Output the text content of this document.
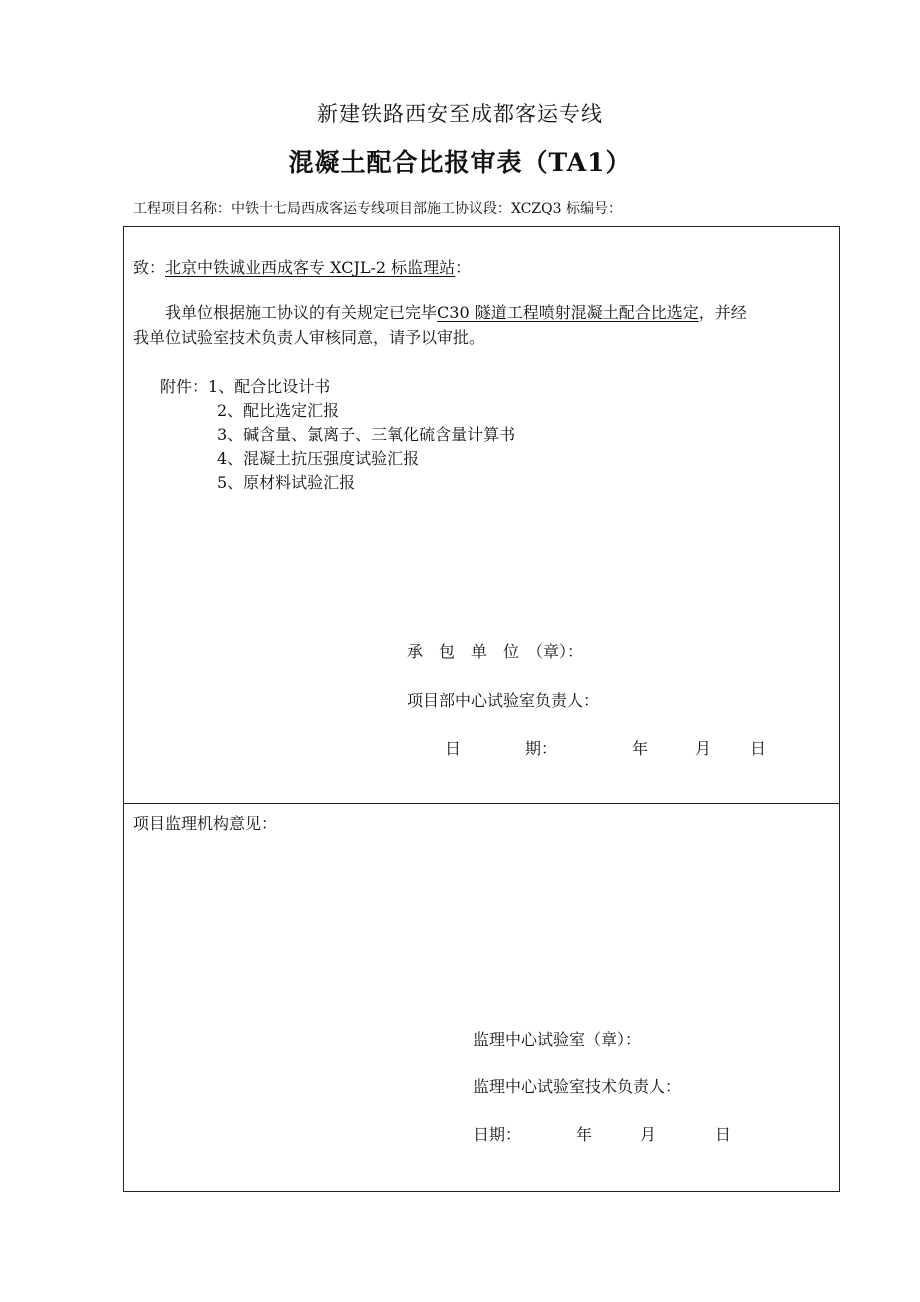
新建铁路西安至成都客运专线
混凝土配合比报审表（TA1）
工程项目名称：中铁十七局西成客运专线项目部施工协议段：XCZQ3 标编号：
致：北京中铁诚业西成客专 XCJL-2 标监理站：
我单位根据施工协议的有关规定已完毕C30 隧道工程喷射混凝土配合比选定，并经
我单位试验室技术负责人审核同意，请予以审批。
附件：1、配合比设计书
2、配比选定汇报
3、碱含量、氯离子、三氧化硫含量计算书
4、混凝土抗压强度试验汇报
5、原材料试验汇报
承　包　单　位　（章）：
项目部中心试验室负责人：
日　　　　期：	年	月 日
项目监理机构意见：
监理中心试验室（章）：
监理中心试验室技术负责人：
日期：	年	月	日
